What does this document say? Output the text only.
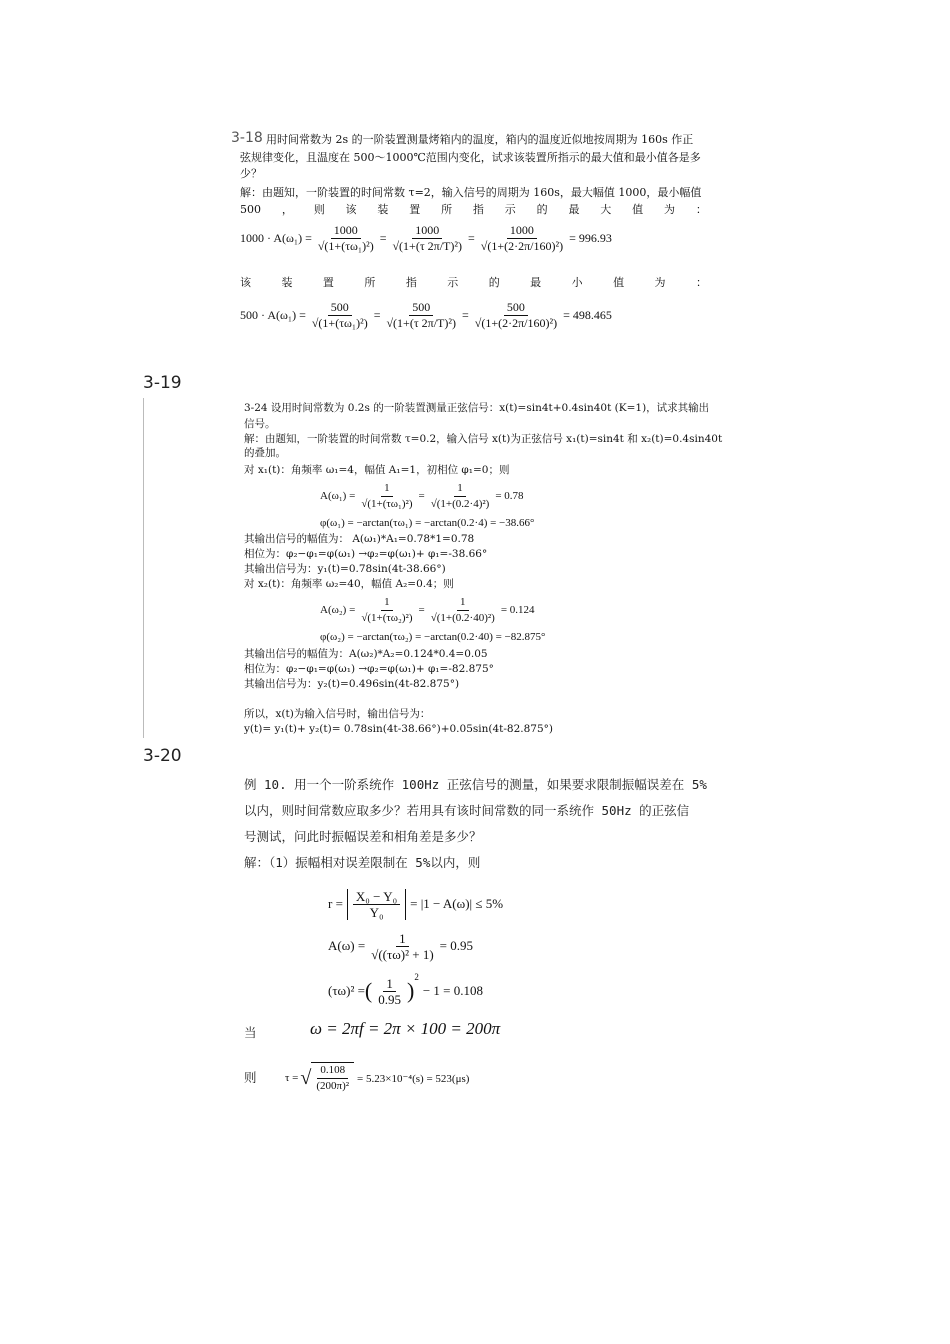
3-18 用时间常数为 2s 的一阶装置测量烤箱内的温度，箱内的温度近似地按周期为 160s 作正
弦规律变化，且温度在 500～1000℃范围内变化，试求该装置所指示的最大值和最小值各是多
少？
解：由题知，一阶装置的时间常数 τ=2，输入信号的周期为 160s，最大幅值 1000，最小幅值
500 ， 则 该 装 置 所 指 示 的 最 大 值 为 ：
$1000 \cdot A(\omega_1) = \frac{1000}{\text{√(1+(τω₁)²)}} = \frac{1000}{\text{√(1+(τ 2π/T)²)}} = \frac{1000}{\text{√(1+(2·2π/160)²)}} = 996.93$
该	装	置	所	指	示	的	最	小	值	为	：
$500 \cdot A(\omega_1) = \frac{500}{\text{√(1+(τω₁)²)}} = \frac{500}{\text{√(1+(τ 2π/T)²)}} = \frac{500}{\text{√(1+(2·2π/160)²)}} = 498.465$
3-19
3-24 设用时间常数为 0.2s 的一阶装置测量正弦信号：x(t)=sin4t+0.4sin40t (K=1)，试求其输出
信号。
解：由题知，一阶装置的时间常数 τ=0.2，输入信号 x(t)为正弦信号 x₁(t)=sin4t 和 x₂(t)=0.4sin40t
的叠加。
对 x₁(t)：角频率 ω₁=4，幅值 A₁=1，初相位 φ₁=0；则
$A(\omega_1) = \frac{1}{\text{√(1+(τω₁)²)}} = \frac{1}{\text{√(1+(0.2·4)²)}} = 0.78$
φ(ω₁) = −arctan(τω₁) = −arctan(0.2·4) = −38.66°
其输出信号的幅值为： A(ω₁)*A₁=0.78*1=0.78
相位为：φ₂−φ₁=φ(ω₁) →φ₂=φ(ω₁)+ φ₁=-38.66°
其输出信号为：y₁(t)=0.78sin(4t-38.66°)
对 x₂(t)：角频率 ω₂=40，幅值 A₂=0.4；则
$A(\omega_2) = \frac{1}{\text{√(1+(τω₂)²)}} = \frac{1}{\text{√(1+(0.2·40)²)}} = 0.124$
φ(ω₂) = −arctan(τω₂) = −arctan(0.2·40) = −82.875°
其输出信号的幅值为：A(ω₂)*A₂=0.124*0.4=0.05
相位为：φ₂−φ₁=φ(ω₁) →φ₂=φ(ω₁)+ φ₁=-82.875°
其输出信号为：y₂(t)=0.496sin(4t-82.875°)
所以，x(t)为输入信号时，输出信号为：
y(t)= y₁(t)+ y₂(t)= 0.78sin(4t-38.66°)+0.05sin(4t-82.875°)
3-20
例 10. 用一个一阶系统作 100Hz 正弦信号的测量，如果要求限制振幅误差在 5%
以内，则时间常数应取多少？若用具有该时间常数的同一系统作 50Hz 的正弦信
号测试，问此时振幅误差和相角差是多少？
解：（1）振幅相对误差限制在 5%以内，则
$r = \frac{\text{X₀ − Y₀}}{\text{Y₀}} = |1 - A(\omega)| \le 5\%$
$A(\omega) = \frac{1}{\text{√((τω)² + 1)}} = 0.95$
(τω)² = ( $\frac{1}{0.95}$ )
$^2$
− 1 = 0.108
当	ω = 2πf = 2π × 100 = 200π
则	τ = √ $\frac{0.108}{\text{(200π)²}} = 5.23\times 10^{-4}(s) = 523(\mu s)$
